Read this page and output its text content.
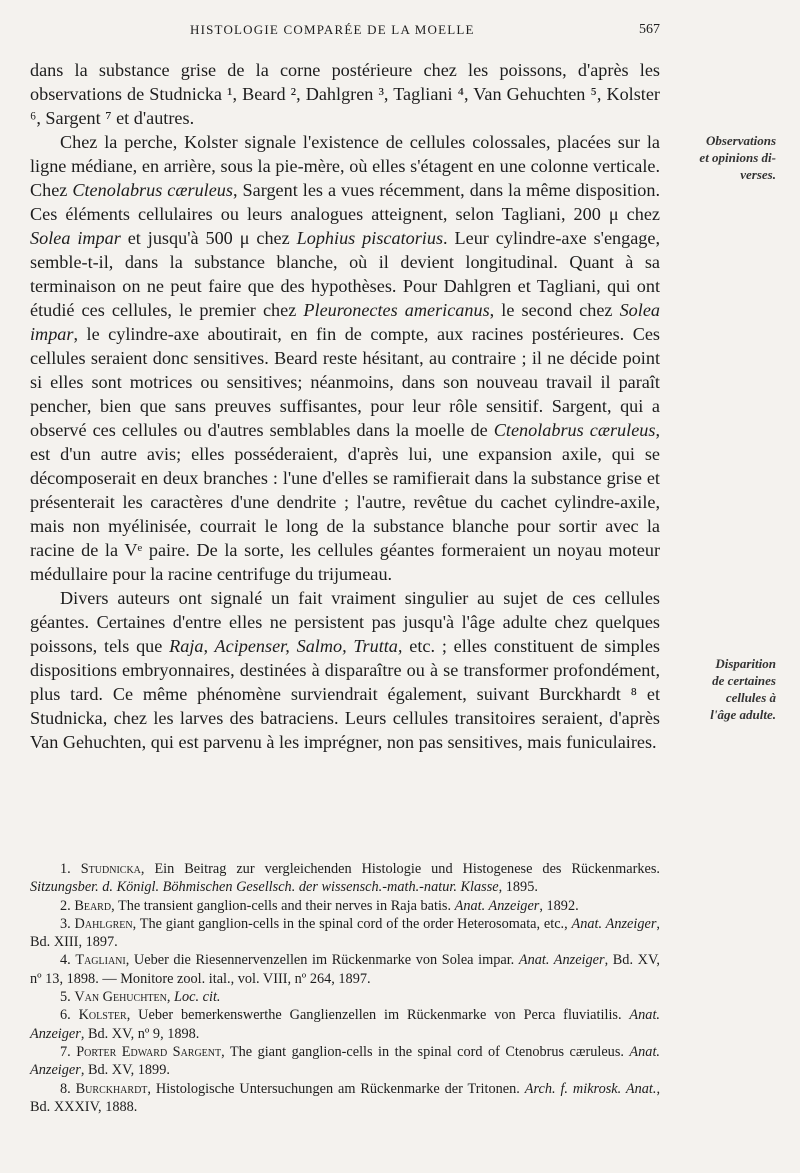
HISTOLOGIE COMPARÉE DE LA MOELLE	567

dans la substance grise de la corne postérieure chez les poissons, d'après les observations de Studnicka ¹, Beard ², Dahlgren ³, Tagliani ⁴, Van Gehuchten ⁵, Kolster ⁶, Sargent ⁷ et d'autres.

Chez la perche, Kolster signale l'existence de cellules colossales, placées sur la ligne médiane, en arrière, sous la pie-mère, où elles s'étagent en une colonne verticale. Chez Ctenolabrus cæruleus, Sargent les a vues récemment, dans la même disposition. Ces éléments cellulaires ou leurs analogues atteignent, selon Tagliani, 200 μ chez Solea impar et jusqu'à 500 μ chez Lophius piscatorius. Leur cylindre-axe s'engage, semble-t-il, dans la substance blanche, où il devient longitudinal. Quant à sa terminaison on ne peut faire que des hypothèses. Pour Dahlgren et Tagliani, qui ont étudié ces cellules, le premier chez Pleuronectes americanus, le second chez Solea impar, le cylindre-axe aboutirait, en fin de compte, aux racines postérieures. Ces cellules seraient donc sensitives. Beard reste hésitant, au contraire ; il ne décide point si elles sont motrices ou sensitives; néanmoins, dans son nouveau travail il paraît pencher, bien que sans preuves suffisantes, pour leur rôle sensitif. Sargent, qui a observé ces cellules ou d'autres semblables dans la moelle de Ctenolabrus cæruleus, est d'un autre avis; elles posséderaient, d'après lui, une expansion axile, qui se décomposerait en deux branches : l'une d'elles se ramifierait dans la substance grise et présenterait les caractères d'une dendrite ; l'autre, revêtue du cachet cylindre-axile, mais non myélinisée, courrait le long de la substance blanche pour sortir avec la racine de la Vᵉ paire. De la sorte, les cellules géantes formeraient un noyau moteur médullaire pour la racine centrifuge du trijumeau.

Divers auteurs ont signalé un fait vraiment singulier au sujet de ces cellules géantes. Certaines d'entre elles ne persistent pas jusqu'à l'âge adulte chez quelques poissons, tels que Raja, Acipenser, Salmo, Trutta, etc. ; elles constituent de simples dispositions embryonnaires, destinées à disparaître ou à se transformer profondément, plus tard. Ce même phénomène surviendrait également, suivant Burckhardt ⁸ et Studnicka, chez les larves des batraciens. Leurs cellules transitoires seraient, d'après Van Gehuchten, qui est parvenu à les imprégner, non pas sensitives, mais funiculaires.

Observations
et opinions di-
verses.
Disparition
de certaines
cellules à
l'âge adulte.

1. Studnicka, Ein Beitrag zur vergleichenden Histologie und Histogenese des Rückenmarkes. Sitzungsber. d. Königl. Böhmischen Gesellsch. der wissensch.-math.-natur. Klasse, 1895.

2. Beard, The transient ganglion-cells and their nerves in Raja batis. Anat. Anzeiger, 1892.

3. Dahlgren, The giant ganglion-cells in the spinal cord of the order Heterosomata, etc., Anat. Anzeiger, Bd. XIII, 1897.

4. Tagliani, Ueber die Riesennervenzellen im Rückenmarke von Solea impar. Anat. Anzeiger, Bd. XV, nº 13, 1898. — Monitore zool. ital., vol. VIII, nº 264, 1897.

5. Van Gehuchten, Loc. cit.

6. Kolster, Ueber bemerkenswerthe Ganglienzellen im Rückenmarke von Perca fluviatilis. Anat. Anzeiger, Bd. XV, nº 9, 1898.

7. Porter Edward Sargent, The giant ganglion-cells in the spinal cord of Ctenobrus cæruleus. Anat. Anzeiger, Bd. XV, 1899.

8. Burckhardt, Histologische Untersuchungen am Rückenmarke der Tritonen. Arch. f. mikrosk. Anat., Bd. XXXIV, 1888.
